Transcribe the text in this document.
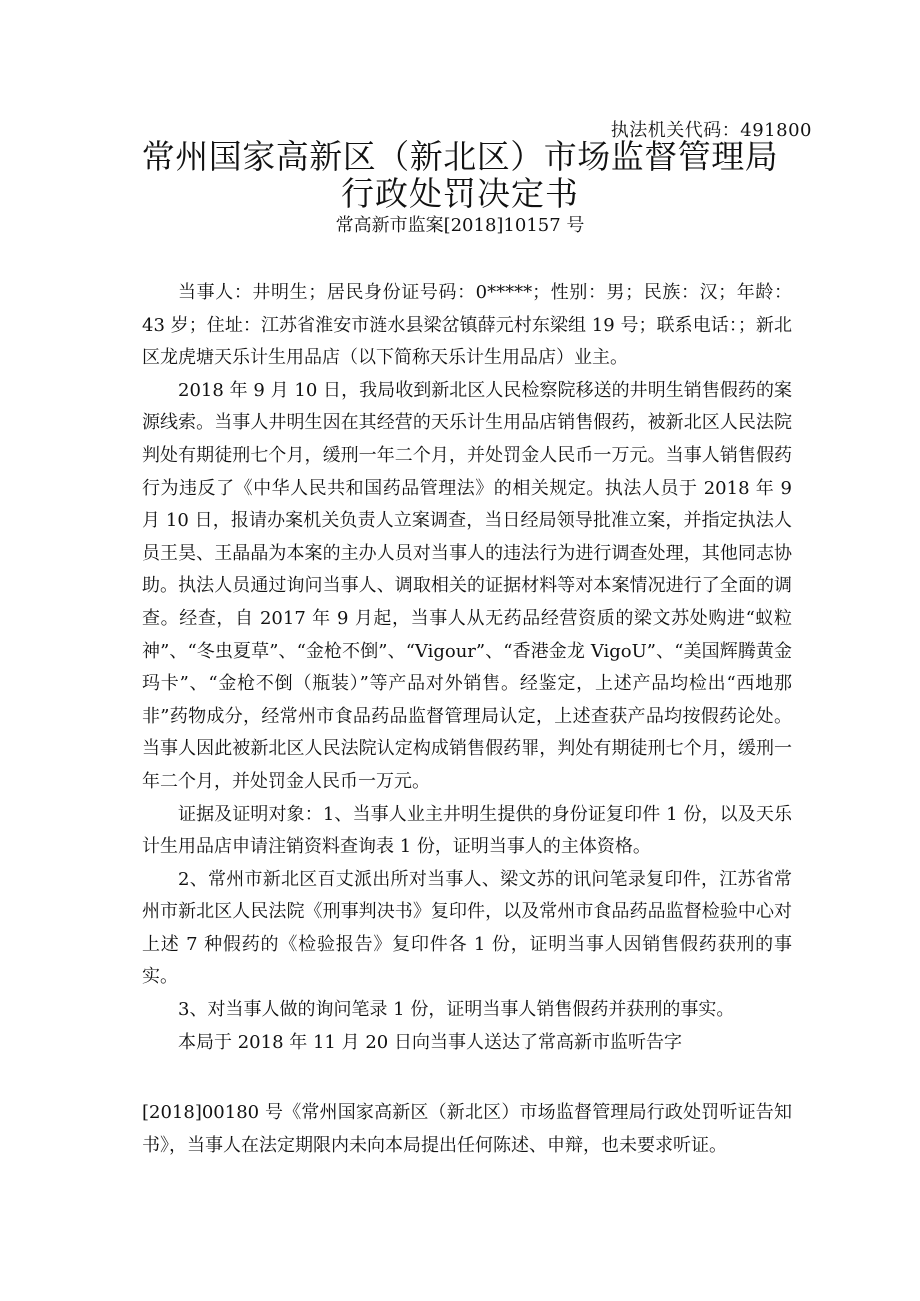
执法机关代码：491800
常州国家高新区（新北区）市场监督管理局
行政处罚决定书
常高新市监案[2018]10157 号

当事人：井明生；居民身份证号码：0*****；性别：男；民族：汉；年龄：43 岁；住址：江苏省淮安市涟水县梁岔镇薛元村东梁组 19 号；联系电话：；新北区龙虎塘天乐计生用品店（以下简称天乐计生用品店）业主。

2018 年 9 月 10 日，我局收到新北区人民检察院移送的井明生销售假药的案源线索。当事人井明生因在其经营的天乐计生用品店销售假药，被新北区人民法院判处有期徒刑七个月，缓刑一年二个月，并处罚金人民币一万元。当事人销售假药行为违反了《中华人民共和国药品管理法》的相关规定。执法人员于 2018 年 9 月 10 日，报请办案机关负责人立案调查，当日经局领导批准立案，并指定执法人员王昊、王晶晶为本案的主办人员对当事人的违法行为进行调查处理，其他同志协助。执法人员通过询问当事人、调取相关的证据材料等对本案情况进行了全面的调查。经查，自 2017 年 9 月起，当事人从无药品经营资质的梁文苏处购进“蚁粒神”、“冬虫夏草”、“金枪不倒”、“Vigour”、“香港金龙 VigoU”、“美国辉腾黄金玛卡”、“金枪不倒（瓶装）”等产品对外销售。经鉴定，上述产品均检出“西地那非”药物成分，经常州市食品药品监督管理局认定，上述查获产品均按假药论处。当事人因此被新北区人民法院认定构成销售假药罪，判处有期徒刑七个月，缓刑一年二个月，并处罚金人民币一万元。

证据及证明对象：1、当事人业主井明生提供的身份证复印件 1 份，以及天乐计生用品店申请注销资料查询表 1 份，证明当事人的主体资格。

2、常州市新北区百丈派出所对当事人、梁文苏的讯问笔录复印件，江苏省常州市新北区人民法院《刑事判决书》复印件，以及常州市食品药品监督检验中心对上述 7 种假药的《检验报告》复印件各 1 份，证明当事人因销售假药获刑的事实。

3、对当事人做的询问笔录 1 份，证明当事人销售假药并获刑的事实。

本局于 2018 年 11 月 20 日向当事人送达了常高新市监听告字

[2018]00180 号《常州国家高新区（新北区）市场监督管理局行政处罚听证告知书》，当事人在法定期限内未向本局提出任何陈述、申辩，也未要求听证。
